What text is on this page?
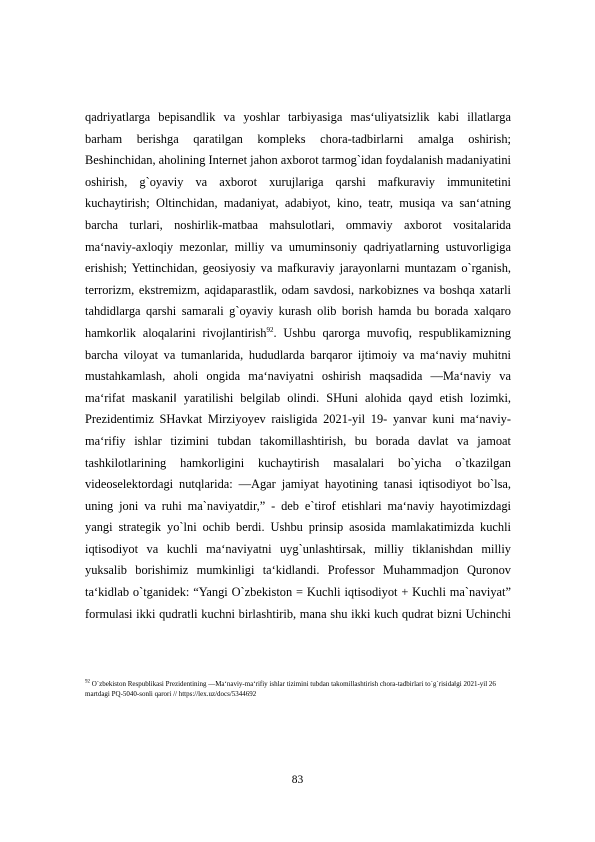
qadriyatlarga bepisandlik va yoshlar tarbiyasiga mas‘uliyatsizlik kabi illatlarga barham berishga qaratilgan kompleks chora-tadbirlarni amalga oshirish; Beshinchidan, aholining Internet jahon axborot tarmog`idan foydalanish madaniyatini oshirish, g`oyaviy va axborot xurujlariga qarshi mafkuraviy immunitetini kuchaytirish; Oltinchidan, madaniyat, adabiyot, kino, teatr, musiqa va san‘atning barcha turlari, noshirlik-matbaa mahsulotlari, ommaviy axborot vositalarida ma‘naviy-axloqiy mezonlar, milliy va umuminsoniy qadriyatlarning ustuvorligiga erishish; Yettinchidan, geosiyosiy va mafkuraviy jarayonlarni muntazam o`rganish, terrorizm, ekstremizm, aqidaparastlik, odam savdosi, narkobiznes va boshqa xatarli tahdidlarga qarshi samarali g`oyaviy kurash olib borish hamda bu borada xalqaro hamkorlik aloqalarini rivojlantirish$^{92}$. Ushbu qarorga muvofiq, respublikamizning barcha viloyat va tumanlarida, hududlarda barqaror ijtimoiy va ma‘naviy muhitni mustahkamlash, aholi ongida ma‘naviyatni oshirish maqsadida ―Ma‘naviy va ma‘rifat maskani‖ yaratilishi belgilab olindi. SHuni alohida qayd etish lozimki, Prezidentimiz SHavkat Mirziyoyev raisligida 2021-yil 19- yanvar kuni ma‘naviy-ma‘rifiy ishlar tizimini tubdan takomillashtirish, bu borada davlat va jamoat tashkilotlarining hamkorligini kuchaytirish masalalari bo`yicha o`tkazilgan videoselektordagi nutqlarida: ―Agar jamiyat hayotining tanasi iqtisodiyot bo`lsa, uning joni va ruhi ma`naviyatdir,” - deb e`tirof etishlari ma‘naviy hayotimizdagi yangi strategik yo`lni ochib berdi. Ushbu prinsip asosida mamlakatimizda kuchli iqtisodiyot va kuchli ma‘naviyatni uyg`unlashtirsak, milliy tiklanishdan milliy yuksalib borishimiz mumkinligi ta‘kidlandi. Professor Muhammadjon Quronov ta‘kidlab o`tganidek: “Yangi O`zbekiston = Kuchli iqtisodiyot + Kuchli ma`naviyat” formulasi ikki qudratli kuchni birlashtirib, mana shu ikki kuch qudrat bizni Uchinchi

$^{92}$ O`zbekiston Respublikasi Prezidentining ―Ma‘naviy-ma‘rifiy ishlar tizimini tubdan takomillashtirish chora-tadbirlari to`g`risida‖gi 2021-yil 26 martdagi PQ-5040-sonli qarori // https://lex.uz/docs/5344692

83
